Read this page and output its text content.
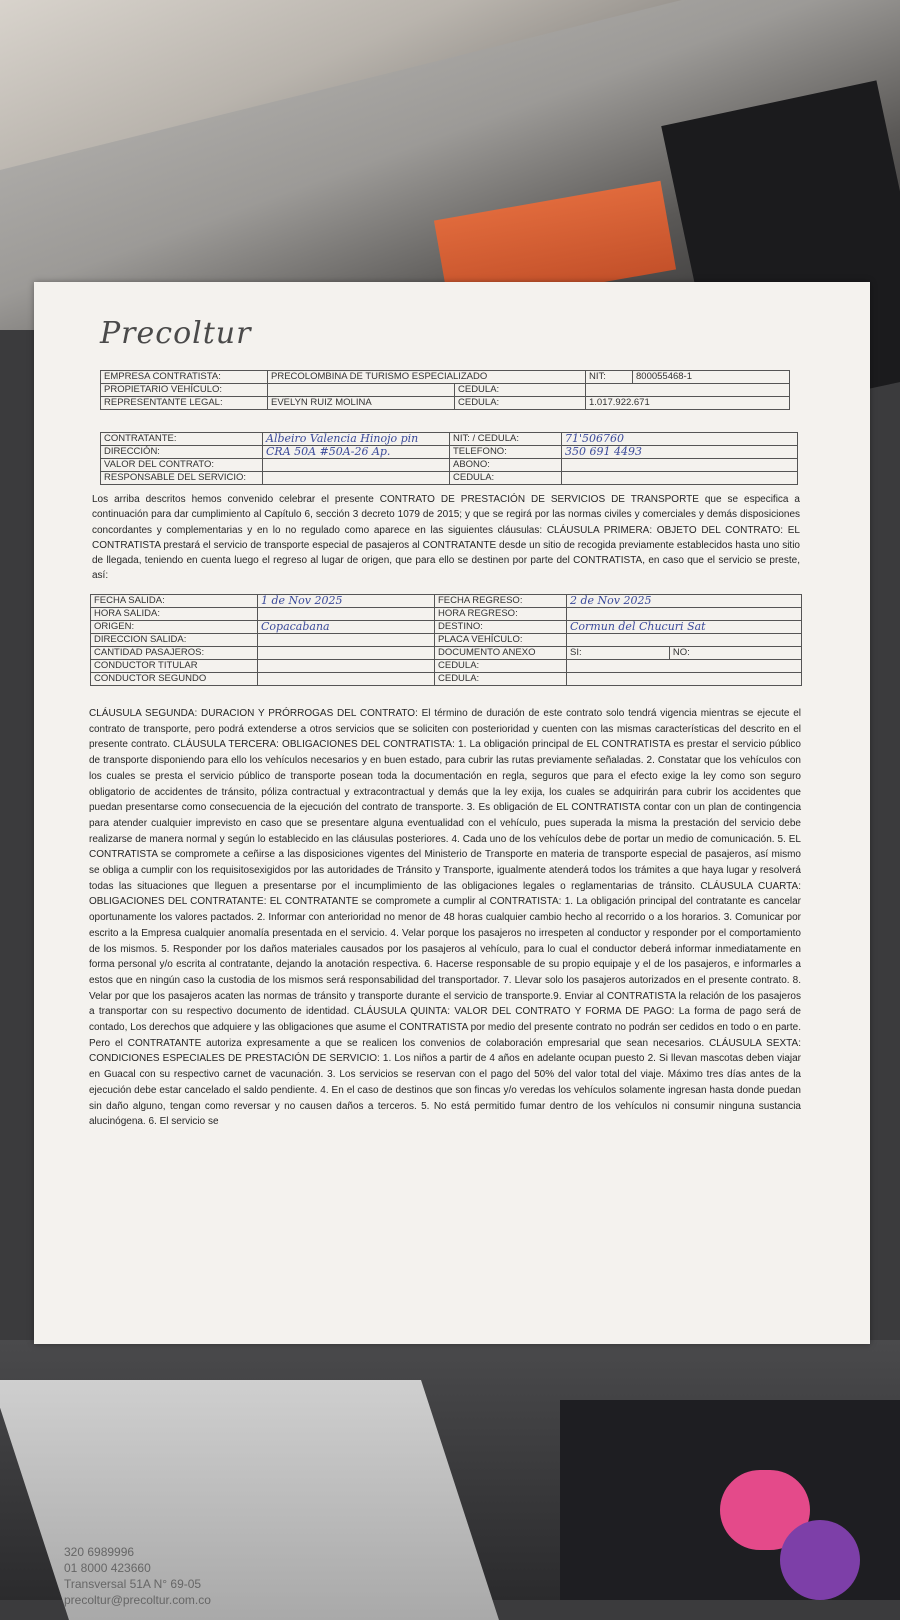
Precoltur
EMPRESA CONTRATISTA:	PRECOLOMBINA DE TURISMO ESPECIALIZADO		NIT:	800055468-1
PROPIETARIO VEHÍCULO:		CEDULA:		
REPRESENTANTE LEGAL:	EVELYN RUIZ MOLINA	CEDULA:	1.017.922.671	
CONTRATANTE:	Albeiro Valencia Hinojo pin	NIT: / CEDULA:	71'506760
DIRECCIÓN:	CRA 50A #50A-26 Ap.	TELEFONO:	350 691 4493
VALOR DEL CONTRATO:		ABONO:	
RESPONSABLE DEL SERVICIO:		CEDULA:	
Los arriba descritos hemos convenido celebrar el presente CONTRATO DE PRESTACIÓN DE SERVICIOS DE TRANSPORTE que se especifica a continuación para dar cumplimiento al Capítulo 6, sección 3 decreto 1079 de 2015; y que se regirá por las normas civiles y comerciales y demás disposiciones concordantes y complementarias y en lo no regulado como aparece en las siguientes cláusulas: CLÁUSULA PRIMERA: OBJETO DEL CONTRATO: EL CONTRATISTA prestará el servicio de transporte especial de pasajeros al CONTRATANTE desde un sitio de recogida previamente establecidos hasta uno sitio de llegada, teniendo en cuenta luego el regreso al lugar de origen, que para ello se destinen por parte del CONTRATISTA, en caso que el servicio se preste, así:
FECHA SALIDA:	1 de Nov 2025	FECHA REGRESO:	2 de Nov 2025	
HORA SALIDA:		HORA REGRESO:		
ORIGEN:	Copacabana	DESTINO:	Cormun del Chucuri Sat	
DIRECCION SALIDA:		PLACA VEHÍCULO:		
CANTIDAD PASAJEROS:		DOCUMENTO ANEXO	SI:	NO:
CONDUCTOR TITULAR		CEDULA:		
CONDUCTOR SEGUNDO		CEDULA:		
CLÁUSULA SEGUNDA: DURACION Y PRÓRROGAS DEL CONTRATO: El término de duración de este contrato solo tendrá vigencia mientras se ejecute el contrato de transporte, pero podrá extenderse a otros servicios que se soliciten con posterioridad y cuenten con las mismas características del descrito en el presente contrato. CLÁUSULA TERCERA: OBLIGACIONES DEL CONTRATISTA: 1. La obligación principal de EL CONTRATISTA es prestar el servicio público de transporte disponiendo para ello los vehículos necesarios y en buen estado, para cubrir las rutas previamente señaladas. 2. Constatar que los vehículos con los cuales se presta el servicio público de transporte posean toda la documentación en regla, seguros que para el efecto exige la ley como son seguro obligatorio de accidentes de tránsito, póliza contractual y extracontractual y demás que la ley exija, los cuales se adquirirán para cubrir los accidentes que puedan presentarse como consecuencia de la ejecución del contrato de transporte. 3. Es obligación de EL CONTRATISTA contar con un plan de contingencia para atender cualquier imprevisto en caso que se presentare alguna eventualidad con el vehículo, pues superada la misma la prestación del servicio debe realizarse de manera normal y según lo establecido en las cláusulas posteriores. 4. Cada uno de los vehículos debe de portar un medio de comunicación. 5. EL CONTRATISTA se compromete a ceñirse a las disposiciones vigentes del Ministerio de Transporte en materia de transporte especial de pasajeros, así mismo se obliga a cumplir con los requisitosexigidos por las autoridades de Tránsito y Transporte, igualmente atenderá todos los trámites a que haya lugar y resolverá todas las situaciones que lleguen a presentarse por el incumplimiento de las obligaciones legales o reglamentarias de tránsito. CLÁUSULA CUARTA: OBLIGACIONES DEL CONTRATANTE: EL CONTRATANTE se compromete a cumplir al CONTRATISTA: 1. La obligación principal del contratante es cancelar oportunamente los valores pactados. 2. Informar con anterioridad no menor de 48 horas cualquier cambio hecho al recorrido o a los horarios. 3. Comunicar por escrito a la Empresa cualquier anomalía presentada en el servicio. 4. Velar porque los pasajeros no irrespeten al conductor y responder por el comportamiento de los mismos. 5. Responder por los daños materiales causados por los pasajeros al vehículo, para lo cual el conductor deberá informar inmediatamente en forma personal y/o escrita al contratante, dejando la anotación respectiva. 6. Hacerse responsable de su propio equipaje y el de los pasajeros, e informarles a estos que en ningún caso la custodia de los mismos será responsabilidad del transportador. 7. Llevar solo los pasajeros autorizados en el presente contrato. 8. Velar por que los pasajeros acaten las normas de tránsito y transporte durante el servicio de transporte.9. Enviar al CONTRATISTA la relación de los pasajeros a transportar con su respectivo documento de identidad. CLÁUSULA QUINTA: VALOR DEL CONTRATO Y FORMA DE PAGO: La forma de pago será de contado, Los derechos que adquiere y las obligaciones que asume el CONTRATISTA por medio del presente contrato no podrán ser cedidos en todo o en parte. Pero el CONTRATANTE autoriza expresamente a que se realicen los convenios de colaboración empresarial que sean necesarios. CLÁUSULA SEXTA: CONDICIONES ESPECIALES DE PRESTACIÓN DE SERVICIO: 1. Los niños a partir de 4 años en adelante ocupan puesto 2. Si llevan mascotas deben viajar en Guacal con su respectivo carnet de vacunación. 3. Los servicios se reservan con el pago del 50% del valor total del viaje. Máximo tres días antes de la ejecución debe estar cancelado el saldo pendiente. 4. En el caso de destinos que son fincas y/o veredas los vehículos solamente ingresan hasta donde puedan sin daño alguno, tengan como reversar y no causen daños a terceros. 5. No está permitido fumar dentro de los vehículos ni consumir ninguna sustancia alucinógena. 6. El servicio se
320 6989996
01 8000 423660
Transversal 51A N° 69-05
precoltur@precoltur.com.co
